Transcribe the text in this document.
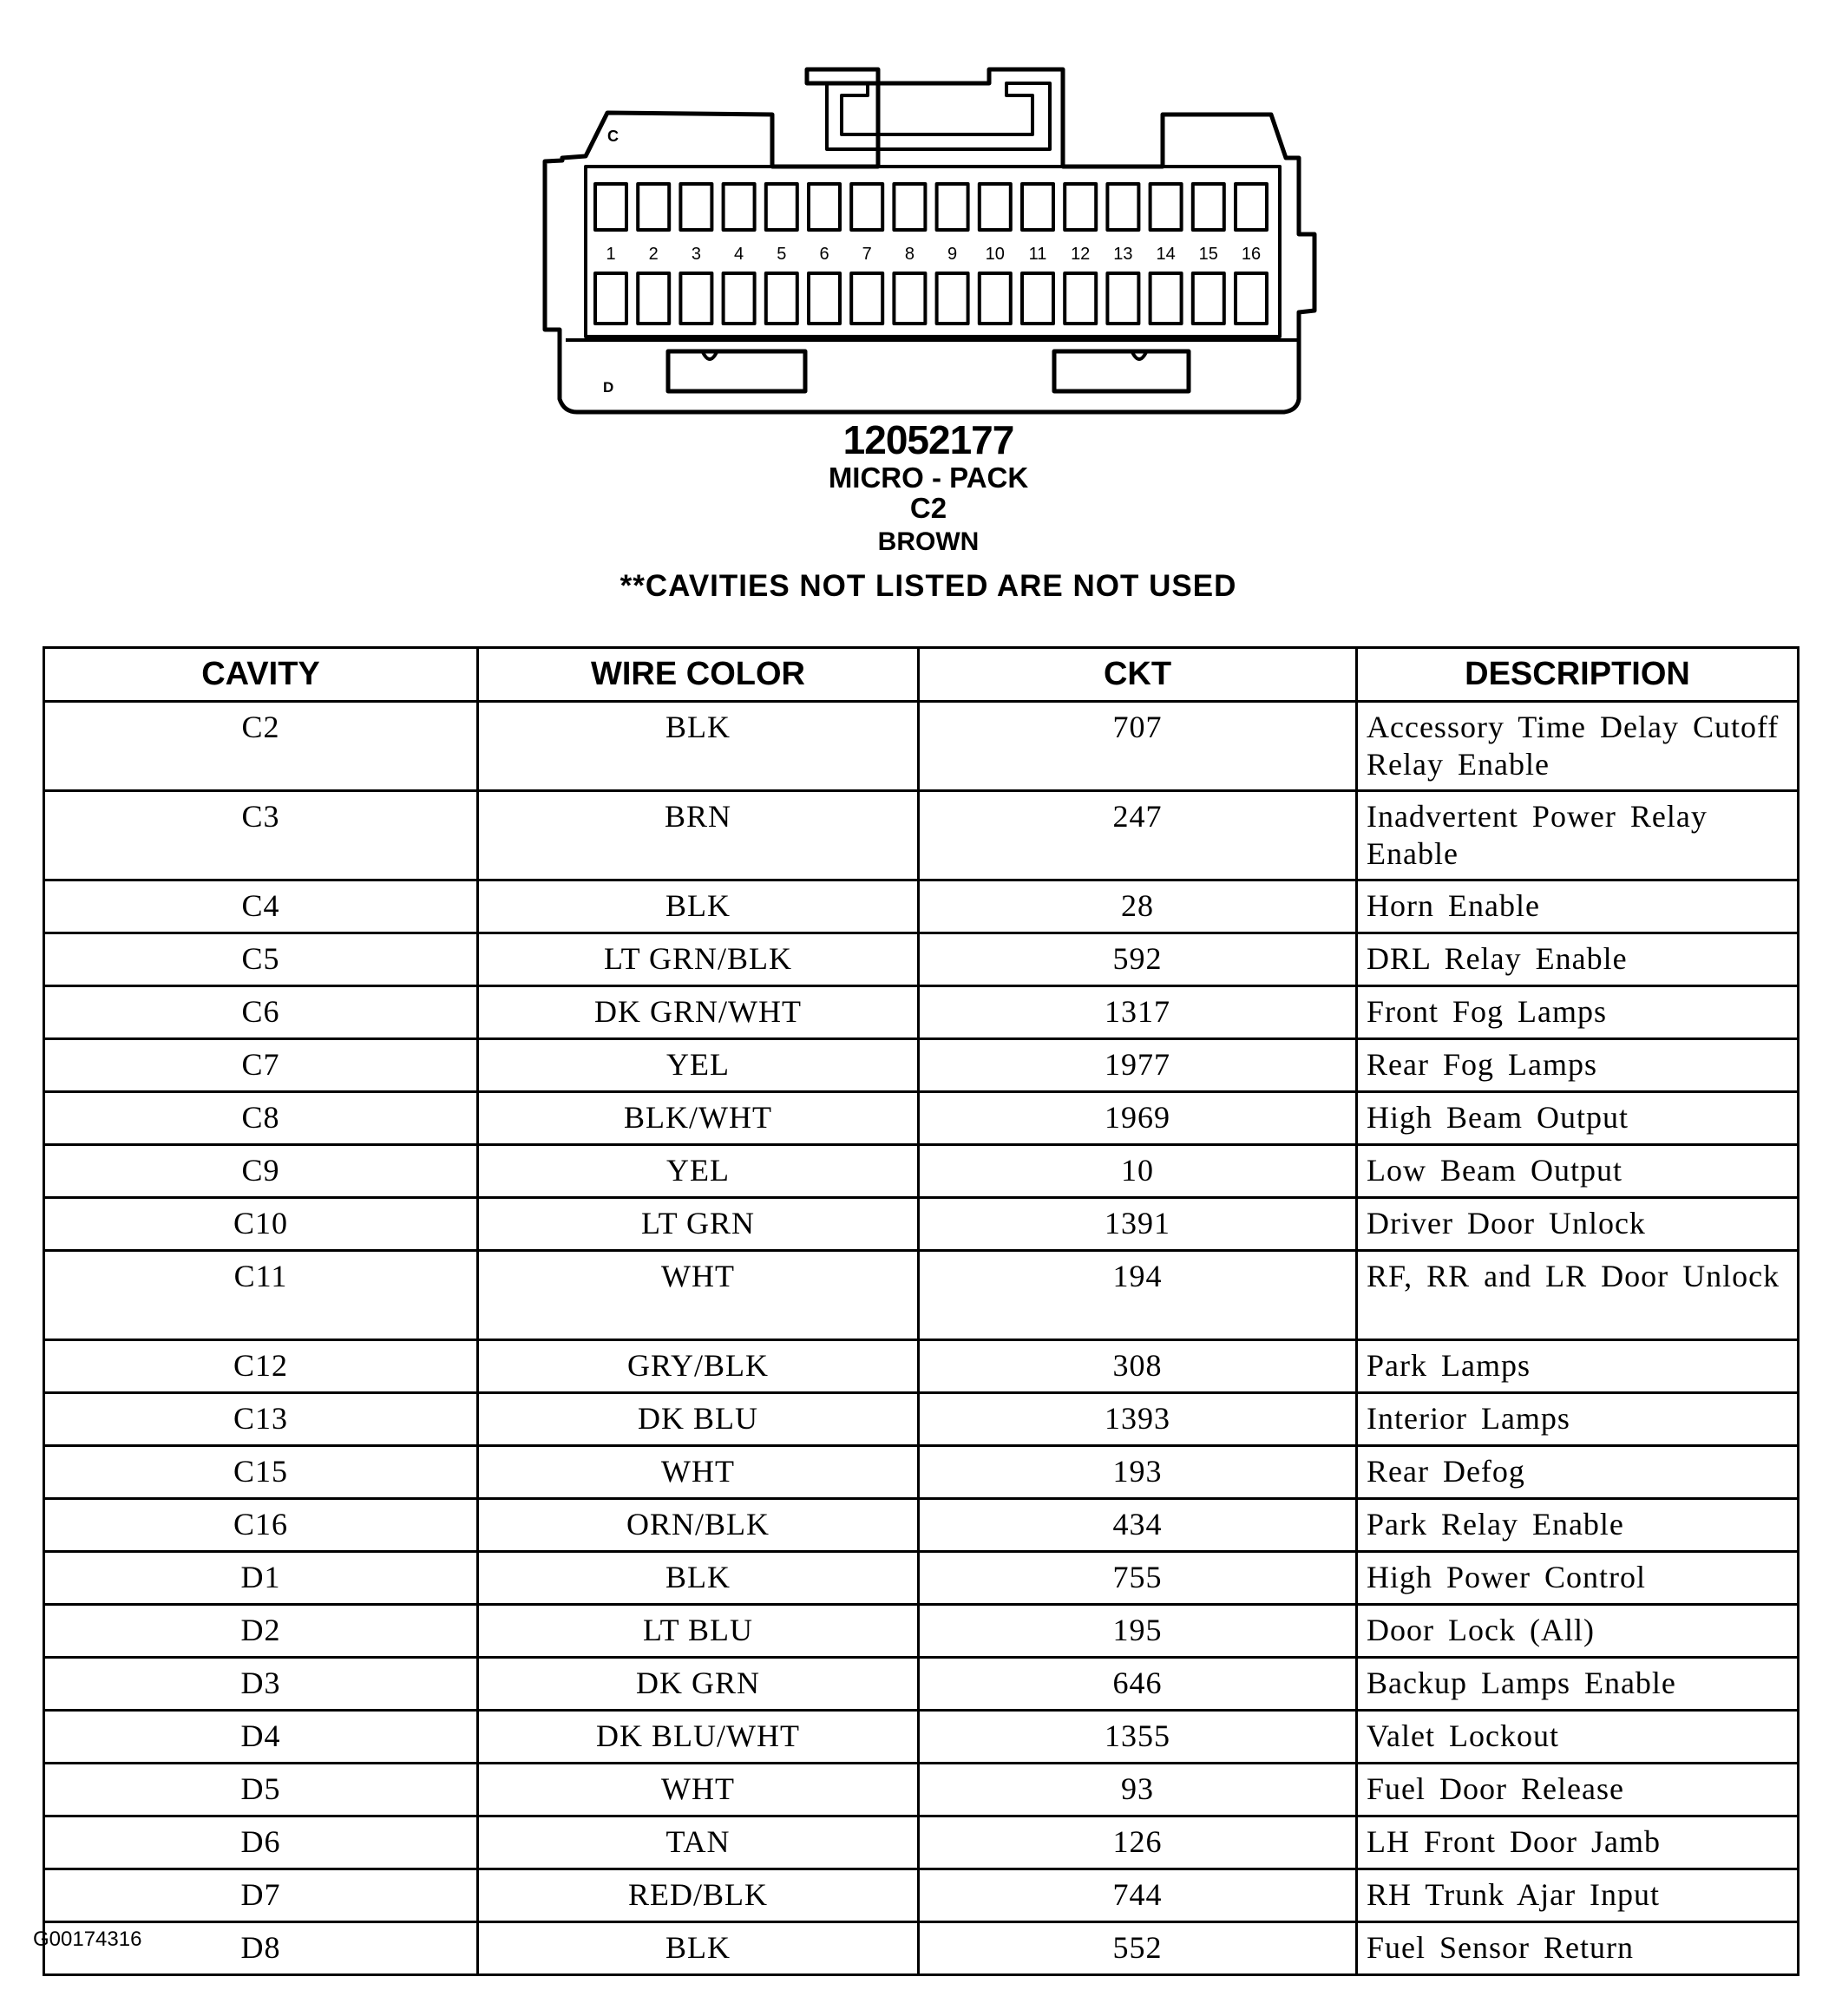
1 2 3 4 5 6 7 8 9 10 11 12 13 14 15 16
C
D
12052177
MICRO - PACK
C2
BROWN
**CAVITIES NOT LISTED ARE NOT USED
CAVITY	WIRE COLOR	CKT	DESCRIPTION
C2	BLK	707	Accessory Time Delay Cutoff Relay Enable
C3	BRN	247	Inadvertent Power Relay Enable
C4	BLK	28	Horn Enable
C5	LT GRN/BLK	592	DRL Relay Enable
C6	DK GRN/WHT	1317	Front Fog Lamps
C7	YEL	1977	Rear Fog Lamps
C8	BLK/WHT	1969	High Beam Output
C9	YEL	10	Low Beam Output
C10	LT GRN	1391	Driver Door Unlock
C11	WHT	194	RF, RR and LR Door Unlock
C12	GRY/BLK	308	Park Lamps
C13	DK BLU	1393	Interior Lamps
C15	WHT	193	Rear Defog
C16	ORN/BLK	434	Park Relay Enable
D1	BLK	755	High Power Control
D2	LT BLU	195	Door Lock (All)
D3	DK GRN	646	Backup Lamps Enable
D4	DK BLU/WHT	1355	Valet Lockout
D5	WHT	93	Fuel Door Release
D6	TAN	126	LH Front Door Jamb
D7	RED/BLK	744	RH Trunk Ajar Input
D8	BLK	552	Fuel Sensor Return
G00174316
